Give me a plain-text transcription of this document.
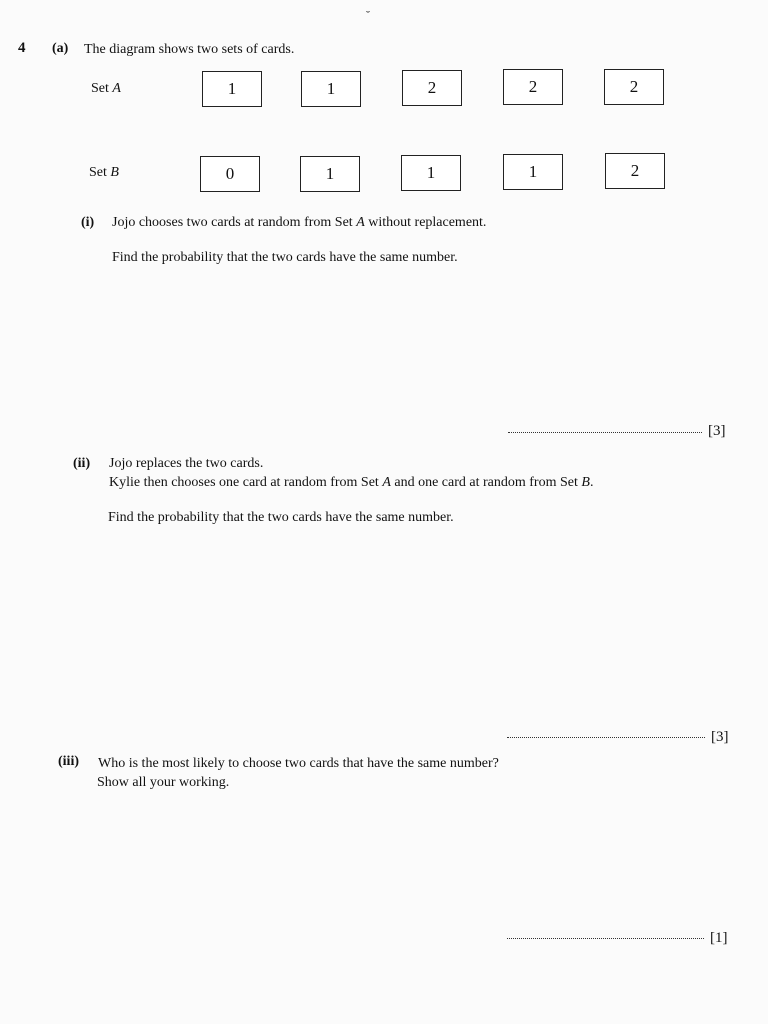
˘
4 (a) The diagram shows two sets of cards.
Set A	1	1	2	2	2
Set B	0	1	1	1	2
(i) Jojo chooses two cards at random from Set A without replacement.
Find the probability that the two cards have the same number.
[3]
(ii) Jojo replaces the two cards.
Kylie then chooses one card at random from Set A and one card at random from Set B.
Find the probability that the two cards have the same number.
[3]
(iii) Who is the most likely to choose two cards that have the same number?
Show all your working.
[1]
